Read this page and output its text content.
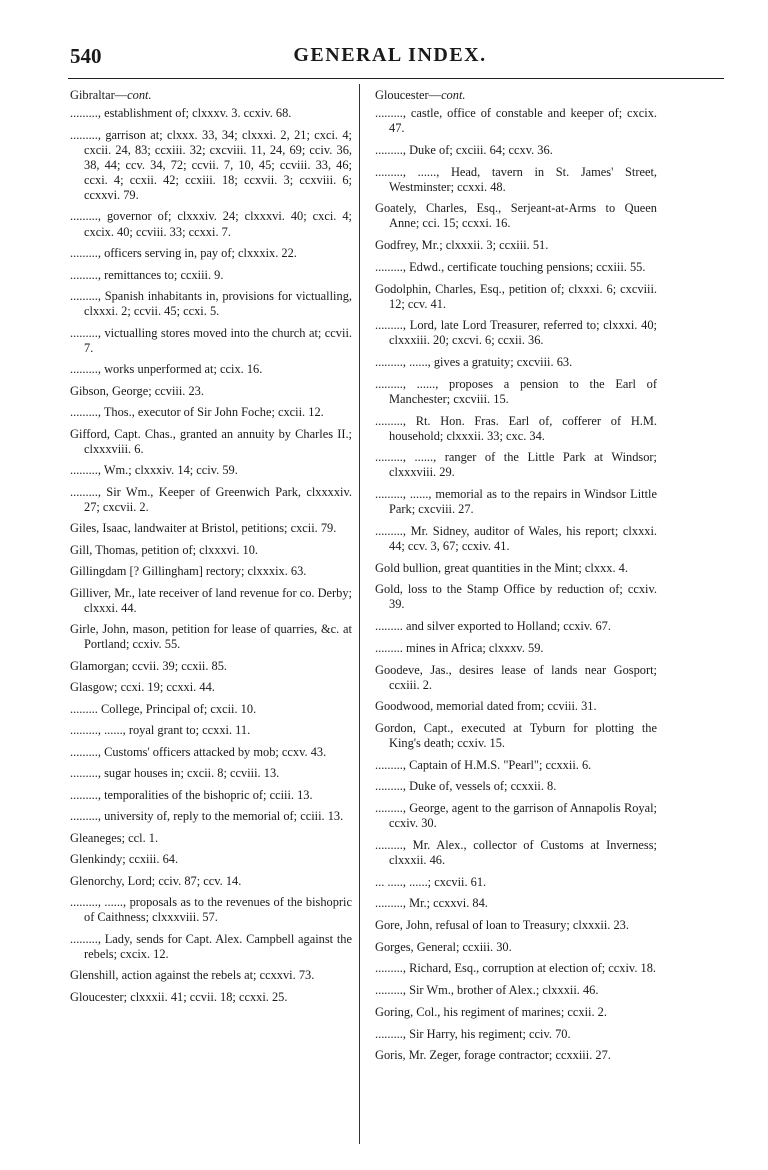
540	GENERAL INDEX.
Gibraltar—cont.
........., establishment of; clxxxv. 3. ccxiv. 68.
........., garrison at; clxxx. 33, 34; clxxxi. 2, 21; cxci. 4; cxcii. 24, 83; ccxiii. 32; cxcviii. 11, 24, 69; cciv. 36, 38, 44; ccv. 34, 72; ccvii. 7, 10, 45; ccviii. 33, 46; ccxi. 4; ccxii. 42; ccxiii. 18; ccxvii. 3; ccxviii. 6; ccxxvi. 79.
........., governor of; clxxxiv. 24; clxxxvi. 40; cxci. 4; cxcix. 40; ccviii. 33; ccxxi. 7.
........., officers serving in, pay of; clxxxix. 22.
........., remittances to; ccxiii. 9.
........., Spanish inhabitants in, provisions for victualling, clxxxi. 2; ccvii. 45; ccxi. 5.
........., victualling stores moved into the church at; ccvii. 7.
........., works unperformed at; ccix. 16.
Gibson, George; ccviii. 23.
........., Thos., executor of Sir John Foche; cxcii. 12.
Gifford, Capt. Chas., granted an annuity by Charles II.; clxxxviii. 6.
........., Wm.; clxxxiv. 14; cciv. 59.
........., Sir Wm., Keeper of Greenwich Park, clxxxxiv. 27; cxcvii. 2.
Giles, Isaac, landwaiter at Bristol, petitions; cxcii. 79.
Gill, Thomas, petition of; clxxxvi. 10.
Gillingdam [? Gillingham] rectory; clxxxix. 63.
Gilliver, Mr., late receiver of land revenue for co. Derby; clxxxi. 44.
Girle, John, mason, petition for lease of quarries, &c. at Portland; ccxiv. 55.
Glamorgan; ccvii. 39; ccxii. 85.
Glasgow; ccxi. 19; ccxxi. 44.
......... College, Principal of; cxcii. 10.
........., ......, royal grant to; ccxxi. 11.
........., Customs' officers attacked by mob; ccxv. 43.
........., sugar houses in; cxcii. 8; ccviii. 13.
........., temporalities of the bishopric of; cciii. 13.
........., university of, reply to the memorial of; cciii. 13.
Gleaneges; ccl. 1.
Glenkindy; ccxiii. 64.
Glenorchy, Lord; cciv. 87; ccv. 14.
........., ......, proposals as to the revenues of the bishopric of Caithness; clxxxviii. 57.
........., Lady, sends for Capt. Alex. Campbell against the rebels; cxcix. 12.
Glenshill, action against the rebels at; ccxxvi. 73.
Gloucester; clxxxii. 41; ccvii. 18; ccxxi. 25.
Gloucester—cont.
........., castle, office of constable and keeper of; cxcix. 47.
........., Duke of; cxciii. 64; ccxv. 36.
........., ......, Head, tavern in St. James' Street, Westminster; ccxxi. 48.
Goately, Charles, Esq., Serjeant-at-Arms to Queen Anne; cci. 15; ccxxi. 16.
Godfrey, Mr.; clxxxii. 3; ccxiii. 51.
........., Edwd., certificate touching pensions; ccxiii. 55.
Godolphin, Charles, Esq., petition of; clxxxi. 6; cxcviii. 12; ccv. 41.
........., Lord, late Lord Treasurer, referred to; clxxxi. 40; clxxxiii. 20; cxcvi. 6; ccxii. 36.
........., ......, gives a gratuity; cxcviii. 63.
........., ......, proposes a pension to the Earl of Manchester; cxcviii. 15.
........., Rt. Hon. Fras. Earl of, cofferer of H.M. household; clxxxii. 33; cxc. 34.
........., ......, ranger of the Little Park at Windsor; clxxxviii. 29.
........., ......, memorial as to the repairs in Windsor Little Park; cxcviii. 27.
........., Mr. Sidney, auditor of Wales, his report; clxxxi. 44; ccv. 3, 67; ccxiv. 41.
Gold bullion, great quantities in the Mint; clxxx. 4.
Gold, loss to the Stamp Office by reduction of; ccxiv. 39.
......... and silver exported to Holland; ccxiv. 67.
......... mines in Africa; clxxxv. 59.
Goodeve, Jas., desires lease of lands near Gosport; ccxiii. 2.
Goodwood, memorial dated from; ccviii. 31.
Gordon, Capt., executed at Tyburn for plotting the King's death; ccxiv. 15.
........., Captain of H.M.S. "Pearl"; ccxxii. 6.
........., Duke of, vessels of; ccxxii. 8.
........., George, agent to the garrison of Annapolis Royal; ccxiv. 30.
........., Mr. Alex., collector of Customs at Inverness; clxxxii. 46.
... ....., ......; cxcvii. 61.
........., Mr.; ccxxvi. 84.
Gore, John, refusal of loan to Treasury; clxxxii. 23.
Gorges, General; ccxiii. 30.
........., Richard, Esq., corruption at election of; ccxiv. 18.
........., Sir Wm., brother of Alex.; clxxxii. 46.
Goring, Col., his regiment of marines; ccxii. 2.
........., Sir Harry, his regiment; cciv. 70.
Goris, Mr. Zeger, forage contractor; ccxxiii. 27.
